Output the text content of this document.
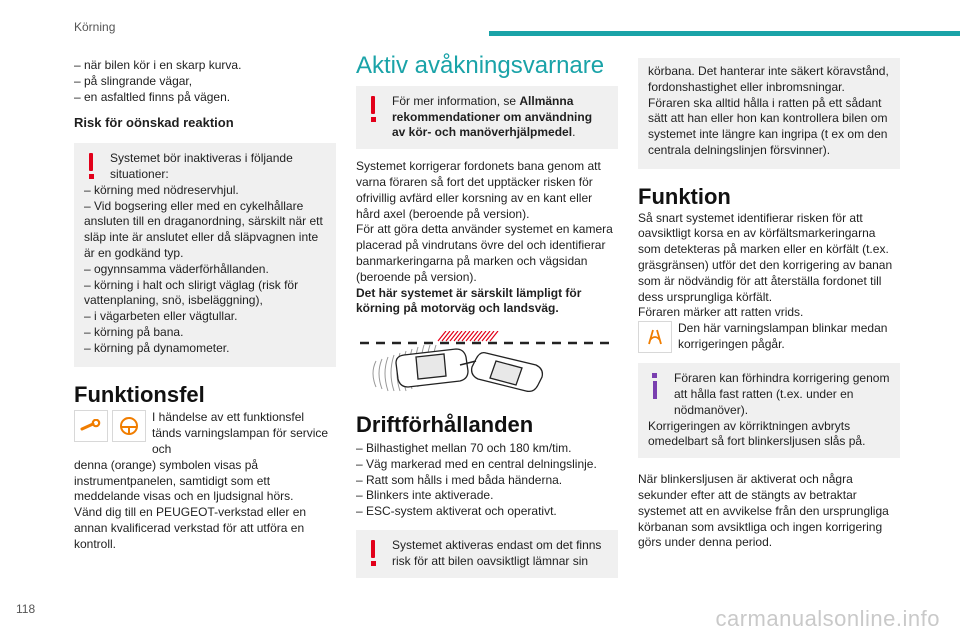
Körning

– när bilen kör i en skarp kurva.

– på slingrande vägar,

– en asfaltled finns på vägen.

Risk för oönskad reaktion

Systemet bör inaktiveras i följande situationer:

– körning med nödreservhjul.

– Vid bogsering eller med en cykelhållare ansluten till en draganordning, särskilt när ett släp inte är anslutet eller då släpvagnen inte är en godkänd typ.

– ogynnsamma väderförhållanden.

– körning i halt och slirigt väglag (risk för vattenplaning, snö, isbeläggning),

– i vägarbeten eller vägtullar.

– körning på bana.

– körning på dynamometer.

Funktionsfel

I händelse av ett funktionsfel tänds varningslampan för service och

denna (orange) symbolen visas på instrumentpanelen, samtidigt som ett meddelande visas och en ljudsignal hörs.

Vänd dig till en PEUGEOT-verkstad eller en annan kvalificerad verkstad för att utföra en kontroll.

Aktiv avåkningsvarnare

För mer information, se Allmänna rekommendationer om användning av kör- och manöverhjälpmedel.

Systemet korrigerar fordonets bana genom att varna föraren så fort det upptäcker risken för ofrivillig avfärd eller korsning av en kant eller hård axel (beroende på version).

För att göra detta använder systemet en kamera placerad på vindrutans övre del och identifierar banmarkeringarna på marken och vägsidan (beroende på version).

Det här systemet är särskilt lämpligt för körning på motorväg och landsväg.

Driftförhållanden

– Bilhastighet mellan 70 och 180 km/tim.

– Väg markerad med en central delningslinje.

– Ratt som hålls i med båda händerna.

– Blinkers inte aktiverade.

– ESC-system aktiverat och operativt.

Systemet aktiveras endast om det finns risk för att bilen oavsiktligt lämnar sin

körbana. Det hanterar inte säkert köravstånd, fordonshastighet eller inbromsningar.

Föraren ska alltid hålla i ratten på ett sådant sätt att han eller hon kan kontrollera bilen om systemet inte längre kan ingripa (t ex om den centrala delningslinjen försvinner).

Funktion

Så snart systemet identifierar risken för att oavsiktligt korsa en av körfältsmarkeringarna som detekteras på marken eller en körfält (t.ex. gräsgränsen) utför det den korrigering av banan som är nödvändig för att återställa fordonet till dess ursprungliga körfält.

Föraren märker att ratten vrids.

Den här varningslampan blinkar medan korrigeringen pågår.

Föraren kan förhindra korrigering genom att hålla fast ratten (t.ex. under en nödmanöver).

Korrigeringen av körriktningen avbryts omedelbart så fort blinkersljusen slås på.

När blinkersljusen är aktiverat och några sekunder efter att de stängts av betraktar systemet att en avvikelse från den ursprungliga körbanan som avsiktliga och ingen korrigering görs under denna period.

118	carmanualsonline.info
